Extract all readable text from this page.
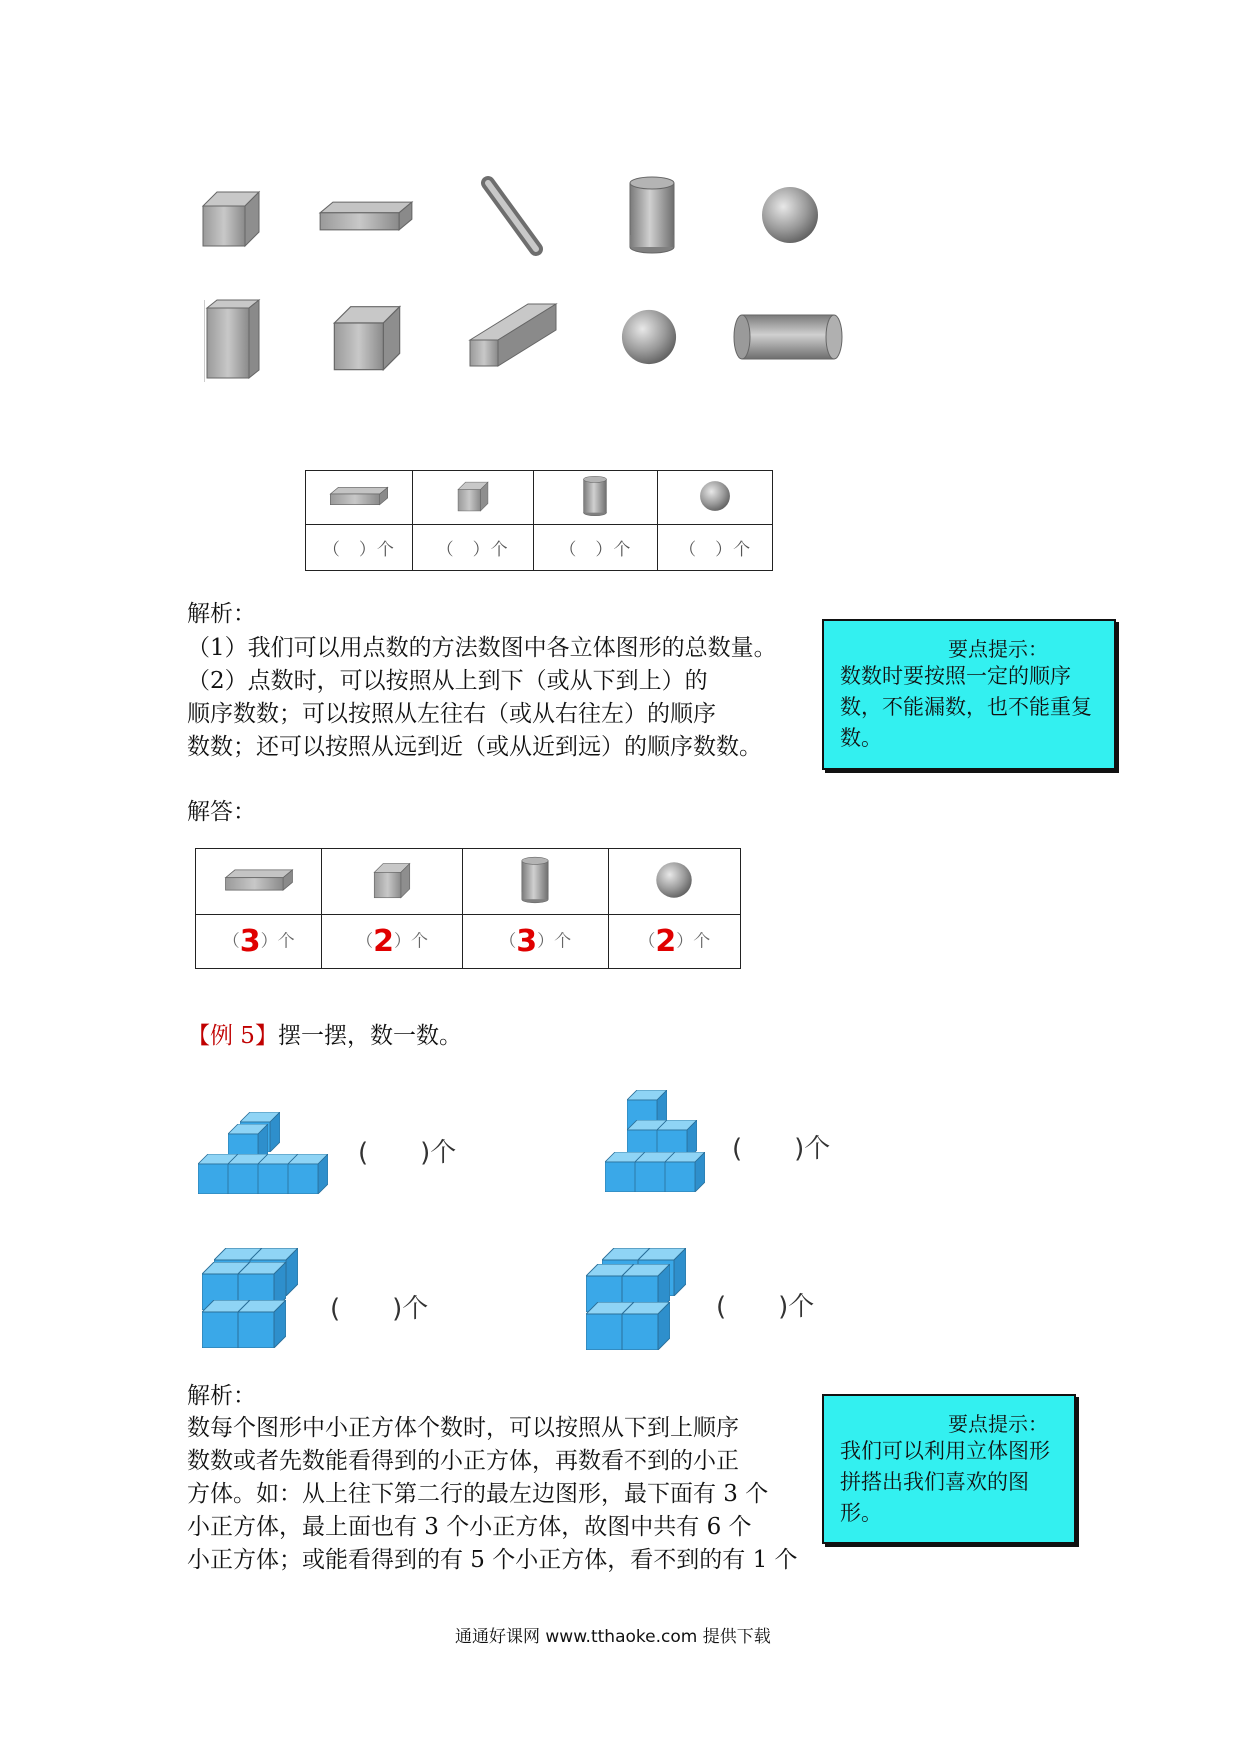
（　）个	（　）个	（　）个	（　）个
解析：
（1）我们可以用点数的方法数图中各立体图形的总数量。
（2）点数时，可以按照从上到下（或从下到上）的
顺序数数；可以按照从左往右（或从右往左）的顺序
数数；还可以按照从远到近（或从近到远）的顺序数数。
要点提示：
数数时要按照一定的顺序
数，不能漏数，也不能重复
数。
解答：

（3）个	（2）个	（3）个	（2）个
【例 5】摆一摆，数一数。
(　　)个	(　　)个
(　　)个	(　　)个
解析：
数每个图形中小正方体个数时，可以按照从下到上顺序
数数或者先数能看得到的小正方体，再数看不到的小正
方体。如：从上往下第二行的最左边图形，最下面有 3 个
小正方体，最上面也有 3 个小正方体，故图中共有 6 个
小正方体；或能看得到的有 5 个小正方体，看不到的有 1 个
要点提示：
我们可以利用立体图形
拼搭出我们喜欢的图
形。
通通好课网 www.tthaoke.com 提供下载
